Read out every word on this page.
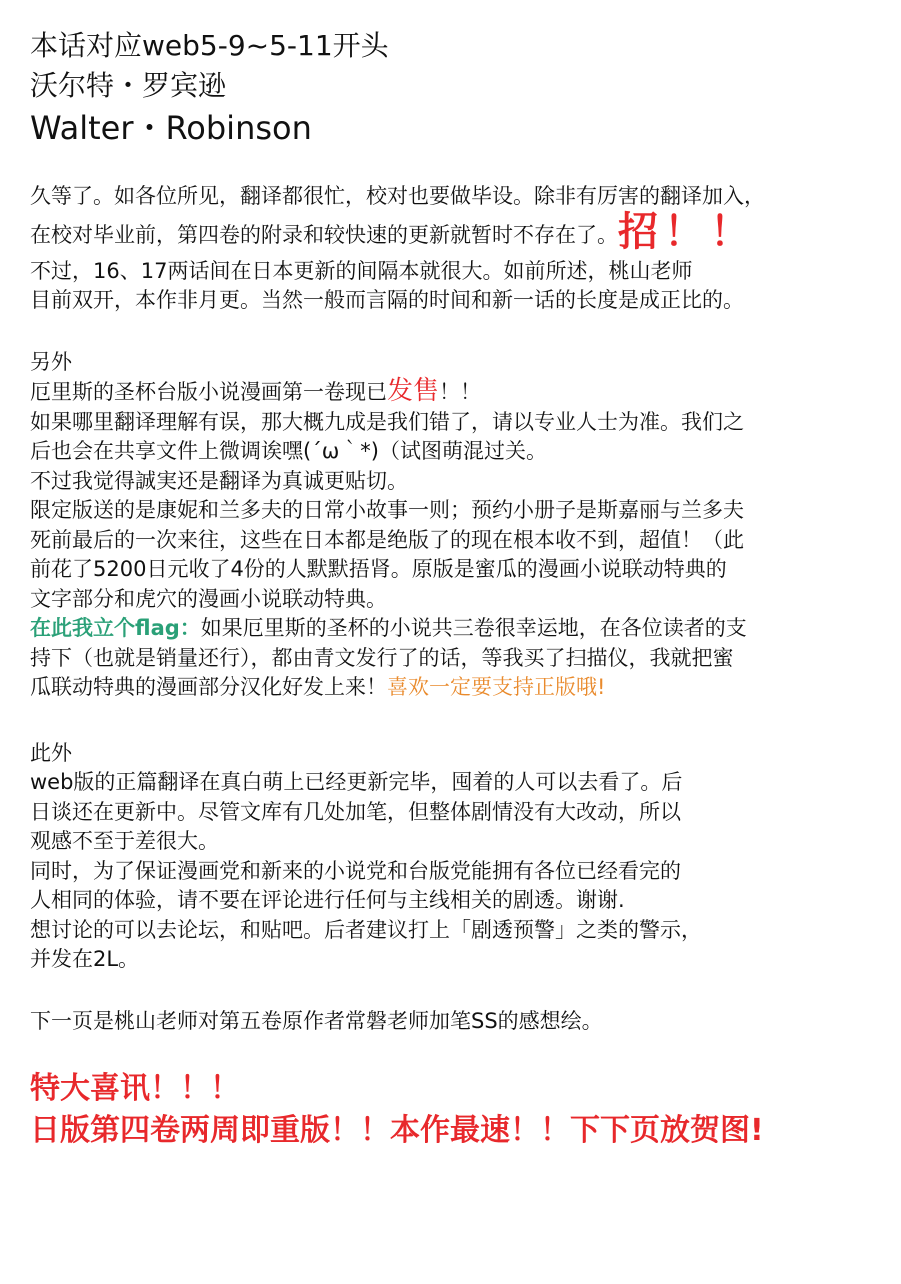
本话对应web5-9~5-11开头
沃尔特・罗宾逊
Walter・Robinson
久等了。如各位所见，翻译都很忙，校对也要做毕设。除非有厉害的翻译加入，
在校对毕业前，第四卷的附录和较快速的更新就暂时不存在了。招！！
不过，16、17两话间在日本更新的间隔本就很大。如前所述，桃山老师
目前双开，本作非月更。当然一般而言隔的时间和新一话的长度是成正比的。
另外
厄里斯的圣杯台版小说漫画第一卷现已发售！！
如果哪里翻译理解有误，那大概九成是我们错了，请以专业人士为准。我们之
后也会在共享文件上微调诶嘿(´ω｀*)（试图萌混过关。
不过我觉得誠実还是翻译为真诚更贴切。
限定版送的是康妮和兰多夫的日常小故事一则；预约小册子是斯嘉丽与兰多夫
死前最后的一次来往，这些在日本都是绝版了的现在根本收不到，超值！（此
前花了5200日元收了4份的人默默捂肾。原版是蜜瓜的漫画小说联动特典的
文字部分和虎穴的漫画小说联动特典。
在此我立个flag：如果厄里斯的圣杯的小说共三卷很幸运地，在各位读者的支
持下（也就是销量还行），都由青文发行了的话，等我买了扫描仪，我就把蜜
瓜联动特典的漫画部分汉化好发上来！喜欢一定要支持正版哦!
此外
web版的正篇翻译在真白萌上已经更新完毕，囤着的人可以去看了。后
日谈还在更新中。尽管文库有几处加笔，但整体剧情没有大改动，所以
观感不至于差很大。
同时，为了保证漫画党和新来的小说党和台版党能拥有各位已经看完的
人相同的体验，请不要在评论进行任何与主线相关的剧透。谢谢.
想讨论的可以去论坛，和贴吧。后者建议打上「剧透预警」之类的警示，
并发在2L。
下一页是桃山老师对第五卷原作者常磐老师加笔SS的感想绘。
特大喜讯！！！
日版第四卷两周即重版！！本作最速！！下下页放贺图!
